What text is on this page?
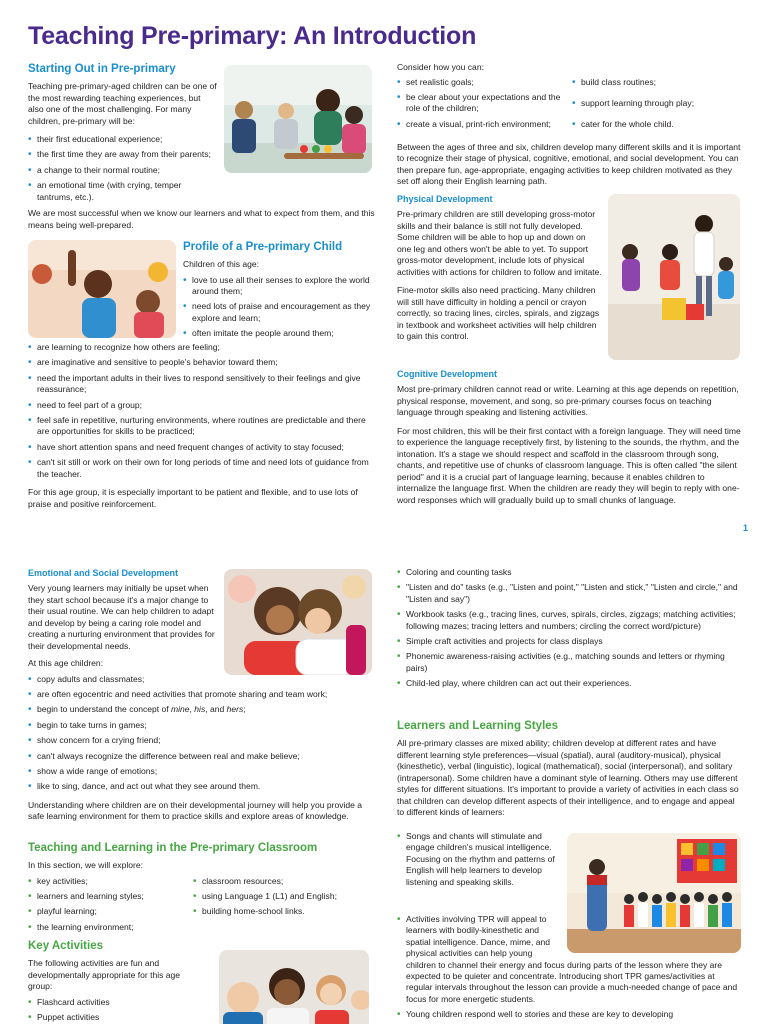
Teaching Pre-primary: An Introduction
Starting Out in Pre-primary

Teaching pre-primary-aged children can be one of the most rewarding teaching experiences, but also one of the most challenging. For many children, pre-primary will be:

• their first educational experience;
• the first time they are away from their parents;
• a change to their normal routine;
• an emotional time (with crying, temper tantrums, etc.).

We are most successful when we know our learners and what to expect from them, and this means being well-prepared.

Profile of a Pre-primary Child

Children of this age:

• love to use all their senses to explore the world around them;
• need lots of praise and encouragement as they explore and learn;
• often imitate the people around them;
• are learning to recognize how others are feeling;
• are imaginative and sensitive to people's behavior toward them;
• need the important adults in their lives to respond sensitively to their feelings and give reassurance;
• need to feel part of a group;
• feel safe in repetitive, nurturing environments, where routines are predictable and there are opportunities for skills to be practiced;
• have short attention spans and need frequent changes of activity to stay focused;
• can't sit still or work on their own for long periods of time and need lots of guidance from the teacher.

For this age group, it is especially important to be patient and flexible, and to use lots of praise and positive reinforcement.

Consider how you can:

• set realistic goals;
• be clear about your expectations and the role of the children;
• create a visual, print-rich environment;
• build class routines;
• support learning through play;
• cater for the whole child.

Between the ages of three and six, children develop many different skills and it is important to recognize their stage of physical, cognitive, emotional, and social development. You can then prepare fun, age-appropriate, engaging activities to keep children motivated as they set off along their English learning path.

Physical Development

Pre-primary children are still developing gross-motor skills and their balance is still not fully developed. Some children will be able to hop up and down on one leg and others won't be able to yet. To support gross-motor development, include lots of physical activities with actions for children to follow and imitate.

Fine-motor skills also need practicing. Many children will still have difficulty in holding a pencil or crayon correctly, so tracing lines, circles, spirals, and zigzags in textbook and worksheet activities will help children to gain this control.

Cognitive Development

Most pre-primary children cannot read or write. Learning at this age depends on repetition, physical response, movement, and song, so pre-primary courses focus on teaching language through speaking and listening activities.

For most children, this will be their first contact with a foreign language. They will need time to experience the language receptively first, by listening to the sounds, the rhythm, and the intonation. It's a stage we should respect and scaffold in the classroom through song, chants, and repetitive use of chunks of classroom language. This is often called "the silent period" and it is a crucial part of language learning, because it enables children to internalize the language first. When the children are ready they will begin to reply with one-word responses which will gradually build up to small chunks of language.

1
Emotional and Social Development

Very young learners may initially be upset when they start school because it's a major change to their usual routine. We can help children to adapt and develop by being a caring role model and creating a nurturing environment that provides for their developmental needs.

At this age children:

• copy adults and classmates;
• are often egocentric and need activities that promote sharing and team work;
• begin to understand the concept of mine, his, and hers;
• begin to take turns in games;
• show concern for a crying friend;
• can't always recognize the difference between real and make believe;
• show a wide range of emotions;
• like to sing, dance, and act out what they see around them.

Understanding where children are on their developmental journey will help you provide a safe learning environment for them to practice skills and explore areas of knowledge.

Teaching and Learning in the Pre-primary Classroom

In this section, we will explore:

• key activities;
• learners and learning styles;
• playful learning;
• the learning environment;
• classroom resources;
• using Language 1 (L1) and English;
• building home-school links.
Key Activities

The following activities are fun and developmentally appropriate for this age group:

• Flashcard activities
• Puppet activities
• Coloring and counting tasks
• "Listen and do" tasks (e.g., "Listen and point," "Listen and stick," "Listen and circle," and "Listen and say")
• Workbook tasks (e.g., tracing lines, curves, spirals, circles, zigzags; matching activities; following mazes; tracing letters and numbers; circling the correct word/picture)
• Simple craft activities and projects for class displays
• Phonemic awareness-raising activities (e.g., matching sounds and letters or rhyming pairs)
• Child-led play, where children can act out their experiences.
Learners and Learning Styles

All pre-primary classes are mixed ability; children develop at different rates and have different learning style preferences—visual (spatial), aural (auditory-musical), physical (kinesthetic), verbal (linguistic), logical (mathematical), social (interpersonal), and solitary (intrapersonal). Some children have a dominant style of learning. Others may use different styles for different situations. It's important to provide a variety of activities in each class so that children can develop different aspects of their intelligence, and to engage and appeal to different kinds of learners:

• Songs and chants will stimulate and engage children's musical intelligence. Focusing on the rhythm and patterns of English will help learners to develop listening and speaking skills.
• Activities involving TPR will appeal to learners with bodily-kinesthetic and spatial intelligence. Dance, mime, and physical activities can help young children to channel their energy and focus during parts of the lesson where they are expected to be quieter and concentrate. Introducing short TPR games/activities at regular intervals throughout the lesson can provide a much-needed change of pace and focus for more energetic students.
• Young children respond well to stories and these are key to developing
